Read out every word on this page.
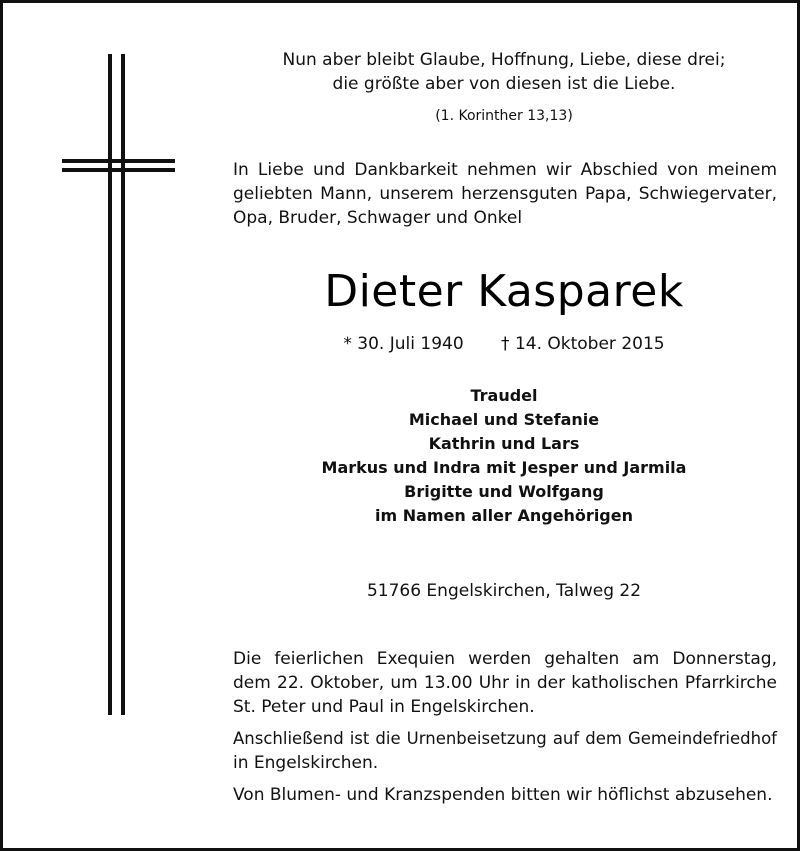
Nun aber bleibt Glaube, Hoffnung, Liebe, diese drei;
die größte aber von diesen ist die Liebe.
(1. Korinther 13,13)
In Liebe und Dankbarkeit nehmen wir Abschied von meinem
geliebten Mann, unserem herzensguten Papa, Schwiegervater,
Opa, Bruder, Schwager und Onkel
Dieter Kasparek
* 30. Juli 1940 † 14. Oktober 2015
Traudel
Michael und Stefanie
Kathrin und Lars
Markus und Indra mit Jesper und Jarmila
Brigitte und Wolfgang
im Namen aller Angehörigen
51766 Engelskirchen, Talweg 22
Die feierlichen Exequien werden gehalten am Donnerstag,
dem 22. Oktober, um 13.00 Uhr in der katholischen Pfarrkirche
St. Peter und Paul in Engelskirchen.
Anschließend ist die Urnenbeisetzung auf dem Gemeindefriedhof
in Engelskirchen.
Von Blumen- und Kranzspenden bitten wir höflichst abzusehen.
